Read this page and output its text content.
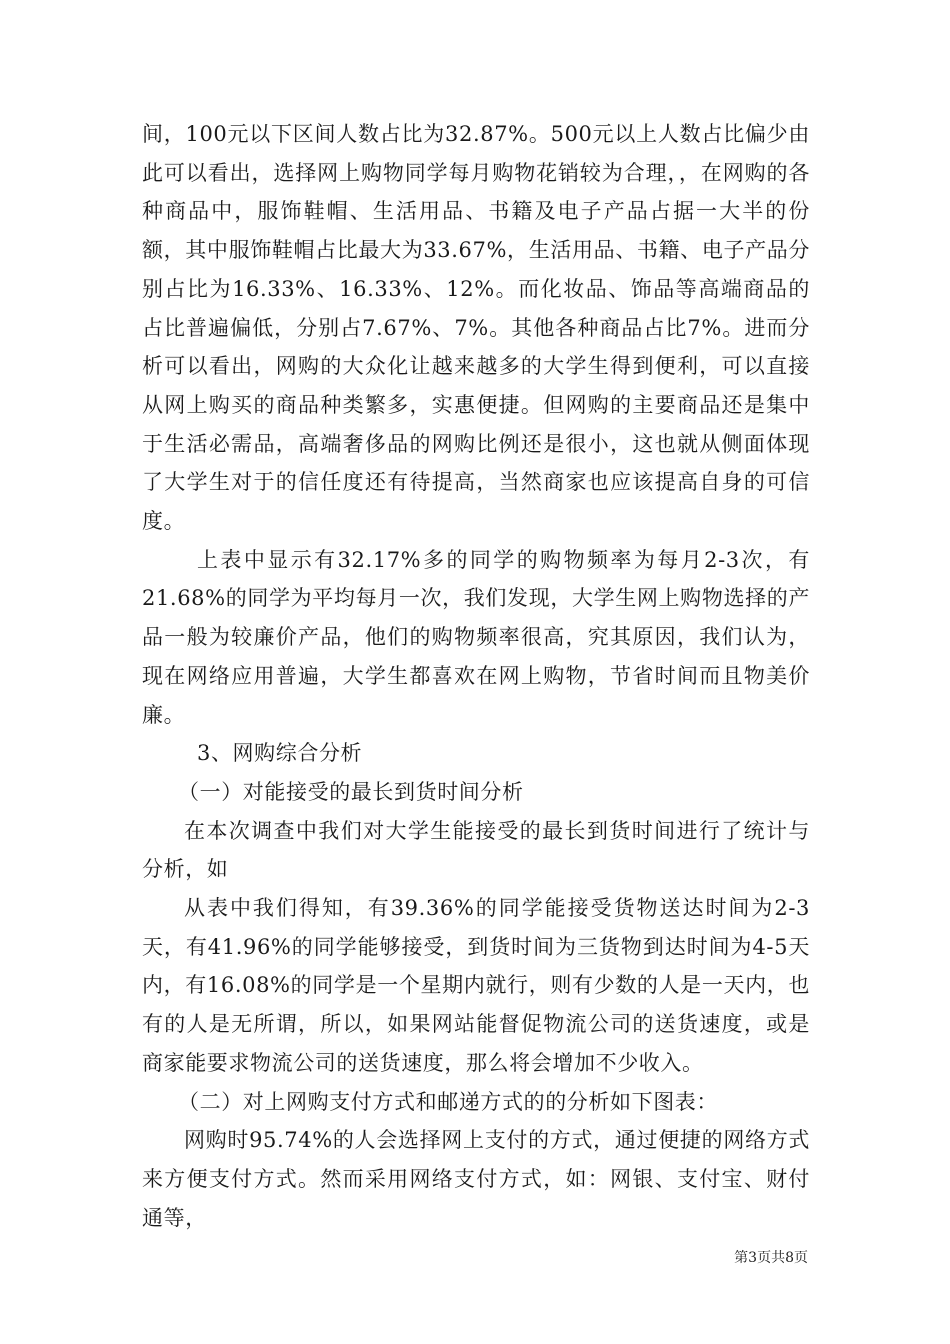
间，100元以下区间人数占比为32.87%。500元以上人数占比偏少由此可以看出，选择网上购物同学每月购物花销较为合理，，在网购的各种商品中，服饰鞋帽、生活用品、书籍及电子产品占据一大半的份额，其中服饰鞋帽占比最大为33.67%，生活用品、书籍、电子产品分别占比为16.33%、16.33%、12%。而化妆品、饰品等高端商品的占比普遍偏低，分别占7.67%、7%。其他各种商品占比7%。进而分析可以看出，网购的大众化让越来越多的大学生得到便利，可以直接从网上购买的商品种类繁多，实惠便捷。但网购的主要商品还是集中于生活必需品，高端奢侈品的网购比例还是很小，这也就从侧面体现了大学生对于的信任度还有待提高，当然商家也应该提高自身的可信度。

上表中显示有32.17%多的同学的购物频率为每月2-3次，有21.68%的同学为平均每月一次，我们发现，大学生网上购物选择的产品一般为较廉价产品，他们的购物频率很高，究其原因，我们认为，现在网络应用普遍，大学生都喜欢在网上购物，节省时间而且物美价廉。

3、网购综合分析

（一）对能接受的最长到货时间分析

在本次调查中我们对大学生能接受的最长到货时间进行了统计与分析，如

从表中我们得知，有39.36%的同学能接受货物送达时间为2-3天，有41.96%的同学能够接受，到货时间为三货物到达时间为4-5天内，有16.08%的同学是一个星期内就行，则有少数的人是一天内，也有的人是无所谓，所以，如果网站能督促物流公司的送货速度，或是商家能要求物流公司的送货速度，那么将会增加不少收入。

（二）对上网购支付方式和邮递方式的的分析如下图表：

网购时95.74%的人会选择网上支付的方式，通过便捷的网络方式来方便支付方式。然而采用网络支付方式，如：网银、支付宝、财付通等，

第3页共8页
